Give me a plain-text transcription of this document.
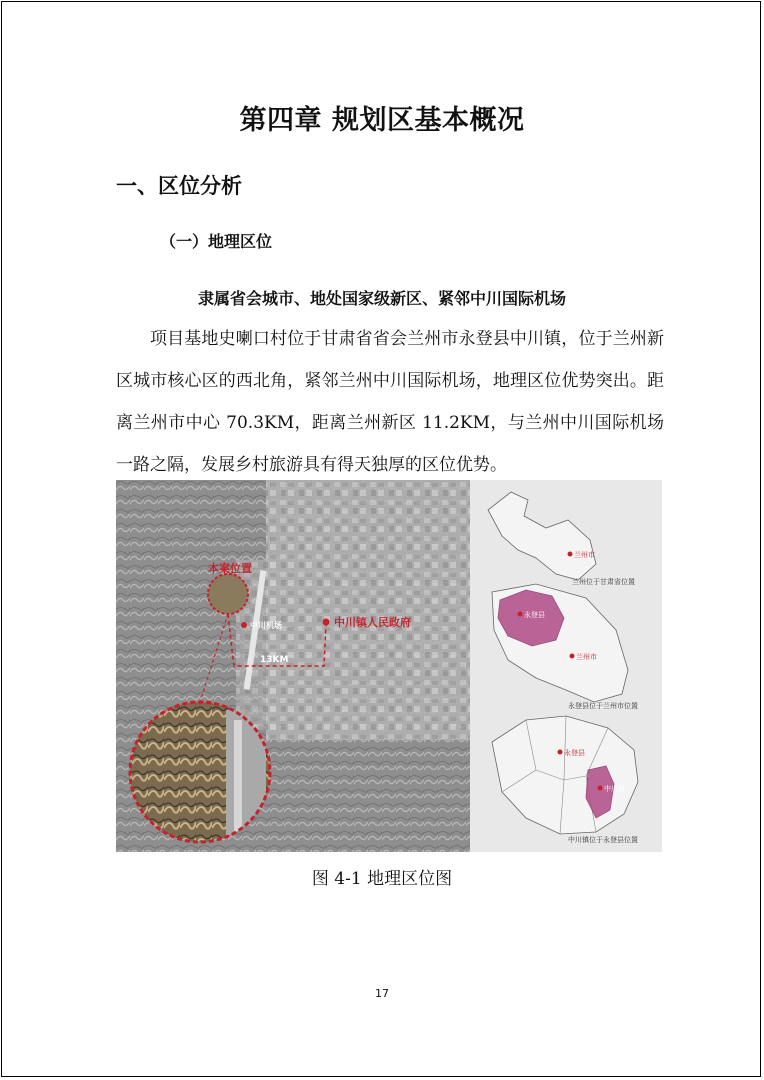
第四章 规划区基本概况
一、区位分析
（一）地理区位
隶属省会城市、地处国家级新区、紧邻中川国际机场
项目基地史喇口村位于甘肃省省会兰州市永登县中川镇，位于兰州新区城市核心区的西北角，紧邻兰州中川国际机场，地理区位优势突出。距离兰州市中心 70.3KM，距离兰州新区 11.2KM，与兰州中川国际机场一路之隔，发展乡村旅游具有得天独厚的区位优势。
兰州市
兰州位于甘肃省位置
永登县
兰州市
永登县位于兰州市位置
永登县
中川镇
中川镇位于永登县位置
本案位置
13KM
中川机场	中川镇人民政府
图 4-1 地理区位图
17
